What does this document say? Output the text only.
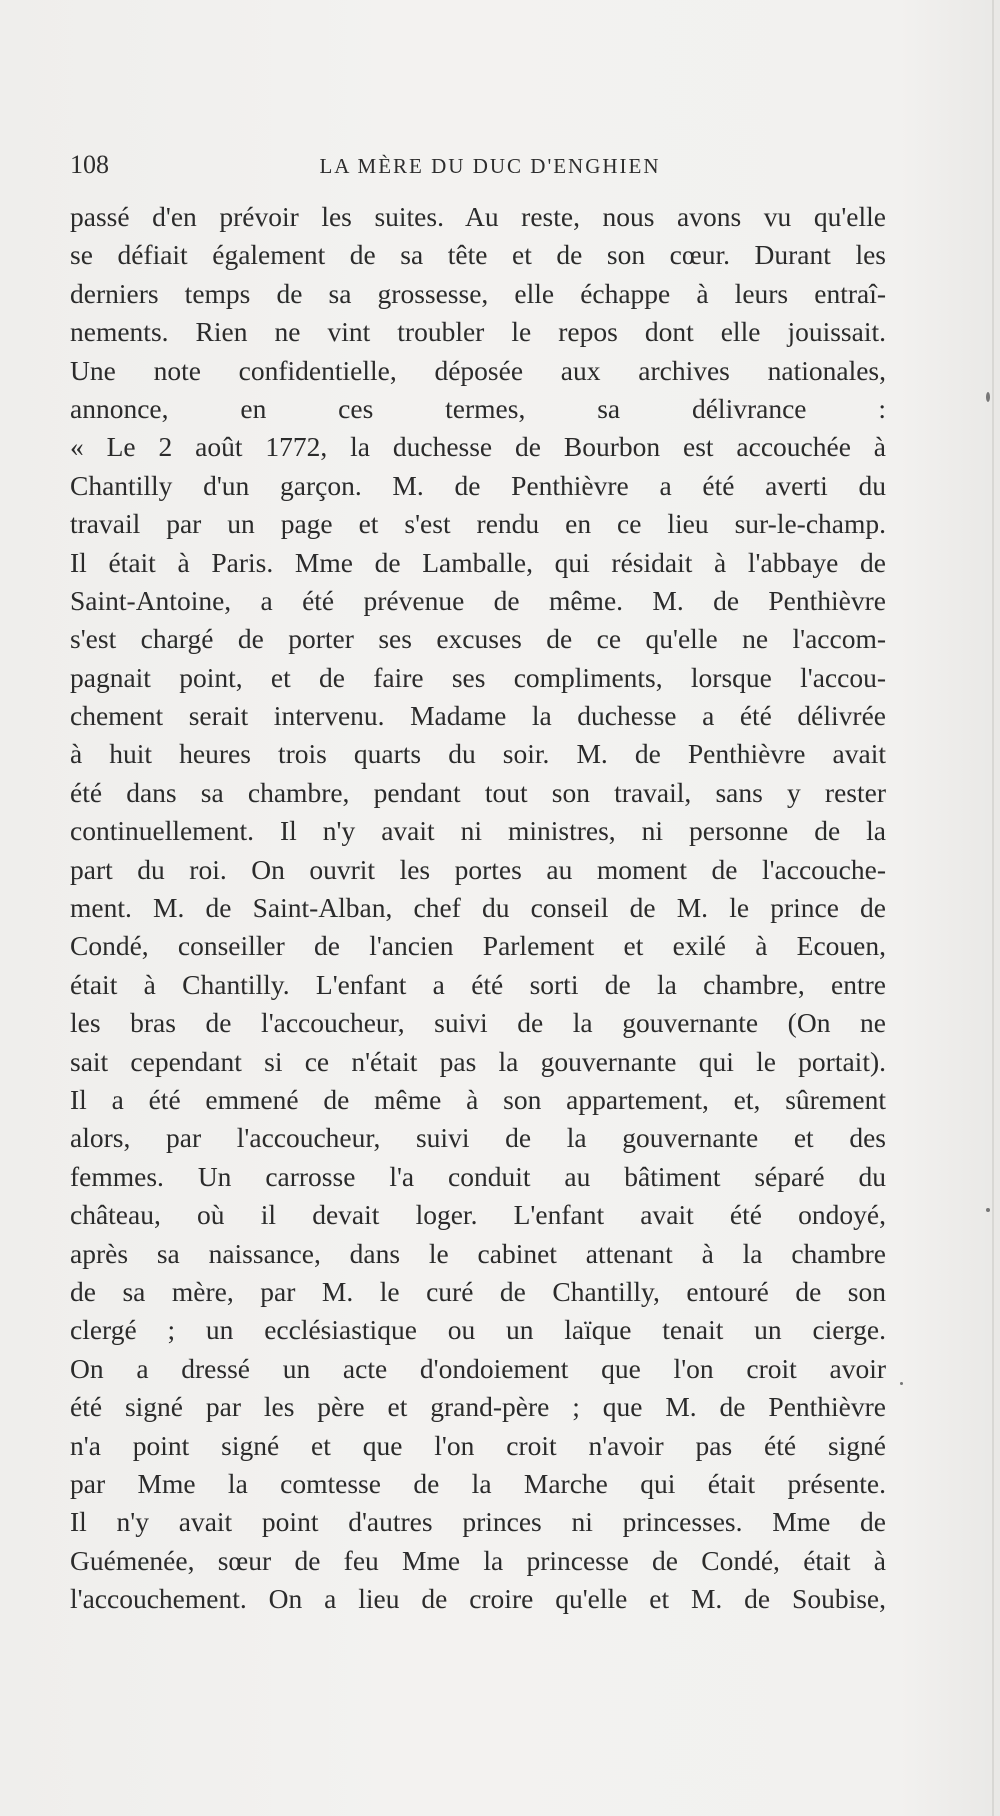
108	LA MÈRE DU DUC D'ENGHIEN
passé d'en prévoir les suites. Au reste, nous avons vu qu'elle
se défiait également de sa tête et de son cœur. Durant les
derniers temps de sa grossesse, elle échappe à leurs entraî-
nements. Rien ne vint troubler le repos dont elle jouissait.
Une note confidentielle, déposée aux archives nationales,
annonce, en ces termes, sa délivrance :
« Le 2 août 1772, la duchesse de Bourbon est accouchée à
Chantilly d'un garçon. M. de Penthièvre a été averti du
travail par un page et s'est rendu en ce lieu sur-le-champ.
Il était à Paris. Mme de Lamballe, qui résidait à l'abbaye de
Saint-Antoine, a été prévenue de même. M. de Penthièvre
s'est chargé de porter ses excuses de ce qu'elle ne l'accom-
pagnait point, et de faire ses compliments, lorsque l'accou-
chement serait intervenu. Madame la duchesse a été délivrée
à huit heures trois quarts du soir. M. de Penthièvre avait
été dans sa chambre, pendant tout son travail, sans y rester
continuellement. Il n'y avait ni ministres, ni personne de la
part du roi. On ouvrit les portes au moment de l'accouche-
ment. M. de Saint-Alban, chef du conseil de M. le prince de
Condé, conseiller de l'ancien Parlement et exilé à Ecouen,
était à Chantilly. L'enfant a été sorti de la chambre, entre
les bras de l'accoucheur, suivi de la gouvernante (On ne
sait cependant si ce n'était pas la gouvernante qui le portait).
Il a été emmené de même à son appartement, et, sûrement
alors, par l'accoucheur, suivi de la gouvernante et des
femmes. Un carrosse l'a conduit au bâtiment séparé du
château, où il devait loger. L'enfant avait été ondoyé,
après sa naissance, dans le cabinet attenant à la chambre
de sa mère, par M. le curé de Chantilly, entouré de son
clergé ; un ecclésiastique ou un laïque tenait un cierge.
On a dressé un acte d'ondoiement que l'on croit avoir
été signé par les père et grand-père ; que M. de Penthièvre
n'a point signé et que l'on croit n'avoir pas été signé
par Mme la comtesse de la Marche qui était présente.
Il n'y avait point d'autres princes ni princesses. Mme de
Guémenée, sœur de feu Mme la princesse de Condé, était à
l'accouchement. On a lieu de croire qu'elle et M. de Soubise,
